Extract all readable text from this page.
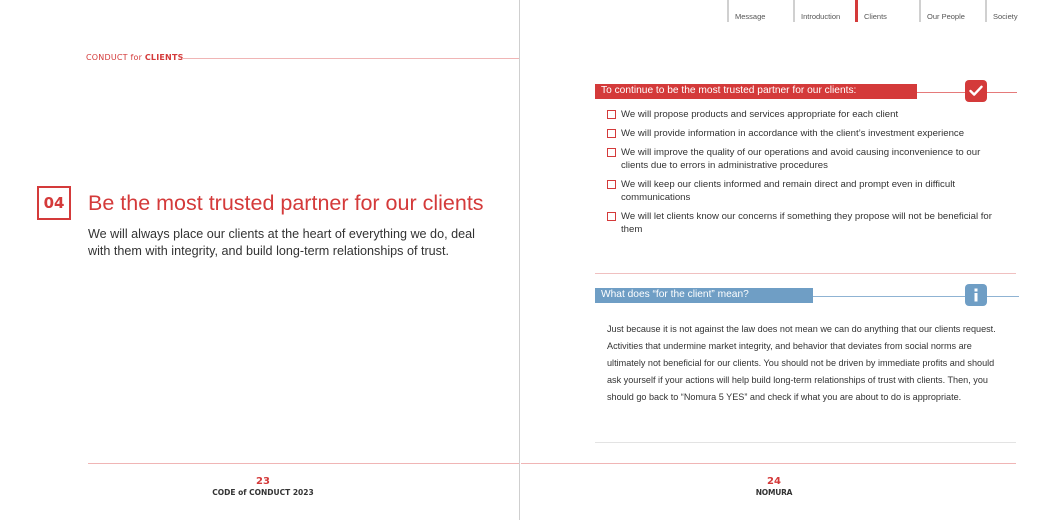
CONDUCT for CLIENTS
04	Be the most trusted partner for our clients
We will always place our clients at the heart of everything we do, deal with them with integrity, and build long-term relationships of trust.
23
CODE of CONDUCT 2023
Message	Introduction	Clients	Our People	Society
To continue to be the most trusted partner for our clients:
We will propose products and services appropriate for each client
We will provide information in accordance with the client’s investment experience
We will improve the quality of our operations and avoid causing inconvenience to our clients due to errors in administrative procedures
We will keep our clients informed and remain direct and prompt even in difficult communications
We will let clients know our concerns if something they propose will not be beneficial for them
What does “for the client” mean?
Just because it is not against the law does not mean we can do anything that our clients request. Activities that undermine market integrity, and behavior that deviates from social norms are ultimately not beneficial for our clients. You should not be driven by immediate profits and should ask yourself if your actions will help build long-term relationships of trust with clients. Then, you should go back to “Nomura 5 YES” and check if what you are about to do is appropriate.
24
NOMURA
